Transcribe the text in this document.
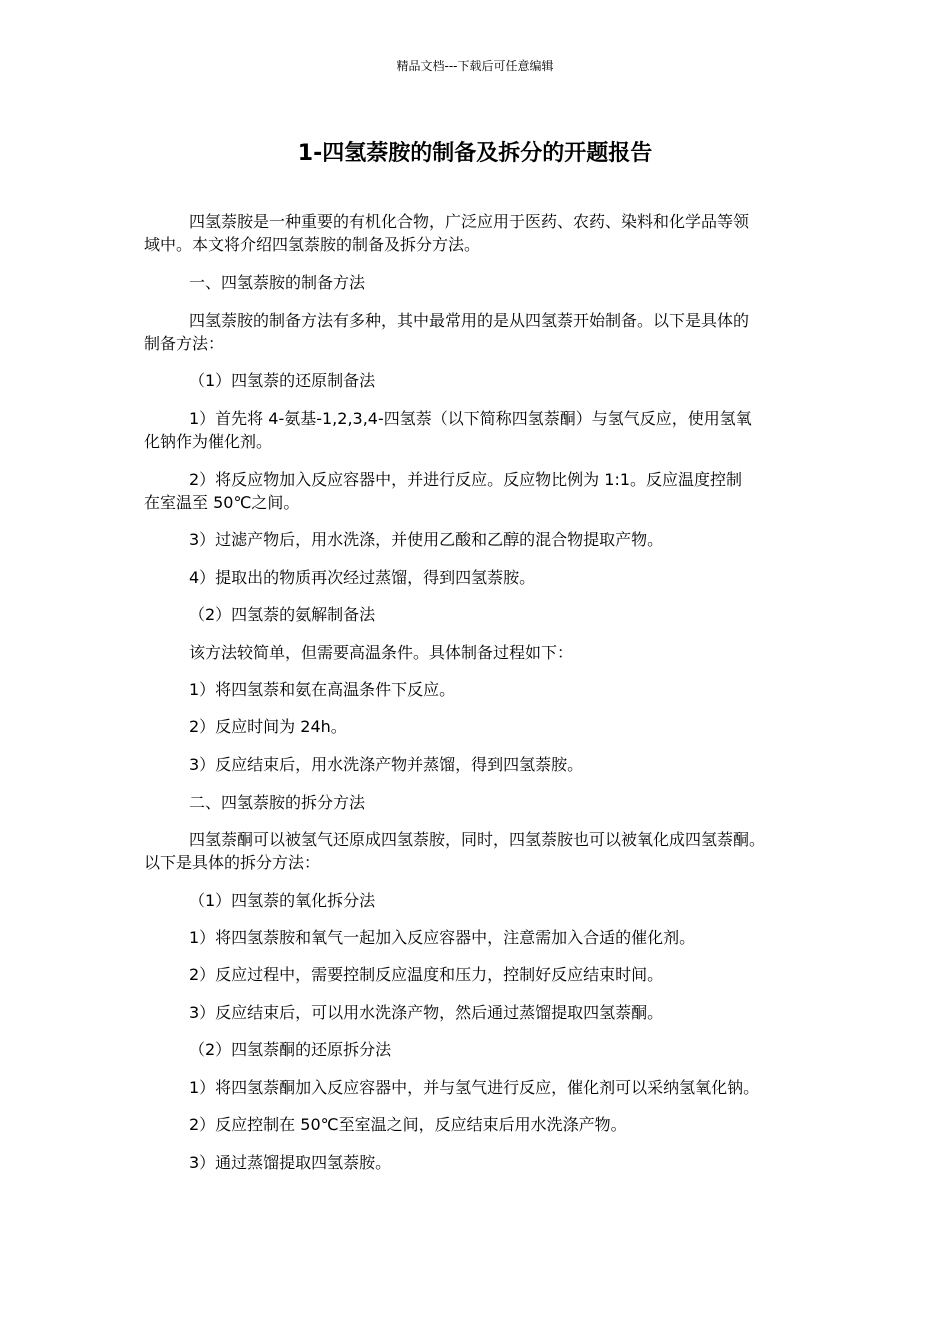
精品文档---下载后可任意编辑
1-四氢萘胺的制备及拆分的开题报告

四氢萘胺是一种重要的有机化合物，广泛应用于医药、农药、染料和化学品等领

域中。本文将介绍四氢萘胺的制备及拆分方法。

一、四氢萘胺的制备方法

四氢萘胺的制备方法有多种，其中最常用的是从四氢萘开始制备。以下是具体的

制备方法：

（1）四氢萘的还原制备法

1）首先将 4-氨基-1,2,3,4-四氢萘（以下简称四氢萘酮）与氢气反应，使用氢氧

化钠作为催化剂。

2）将反应物加入反应容器中，并进行反应。反应物比例为 1:1。反应温度控制

在室温至 50℃之间。

3）过滤产物后，用水洗涤，并使用乙酸和乙醇的混合物提取产物。

4）提取出的物质再次经过蒸馏，得到四氢萘胺。

（2）四氢萘的氨解制备法

该方法较简单，但需要高温条件。具体制备过程如下：

1）将四氢萘和氨在高温条件下反应。

2）反应时间为 24h。

3）反应结束后，用水洗涤产物并蒸馏，得到四氢萘胺。

二、四氢萘胺的拆分方法

四氢萘酮可以被氢气还原成四氢萘胺，同时，四氢萘胺也可以被氧化成四氢萘酮。

以下是具体的拆分方法：

（1）四氢萘的氧化拆分法

1）将四氢萘胺和氧气一起加入反应容器中，注意需加入合适的催化剂。

2）反应过程中，需要控制反应温度和压力，控制好反应结束时间。

3）反应结束后，可以用水洗涤产物，然后通过蒸馏提取四氢萘酮。

（2）四氢萘酮的还原拆分法

1）将四氢萘酮加入反应容器中，并与氢气进行反应，催化剂可以采纳氢氧化钠。

2）反应控制在 50℃至室温之间，反应结束后用水洗涤产物。

3）通过蒸馏提取四氢萘胺。
